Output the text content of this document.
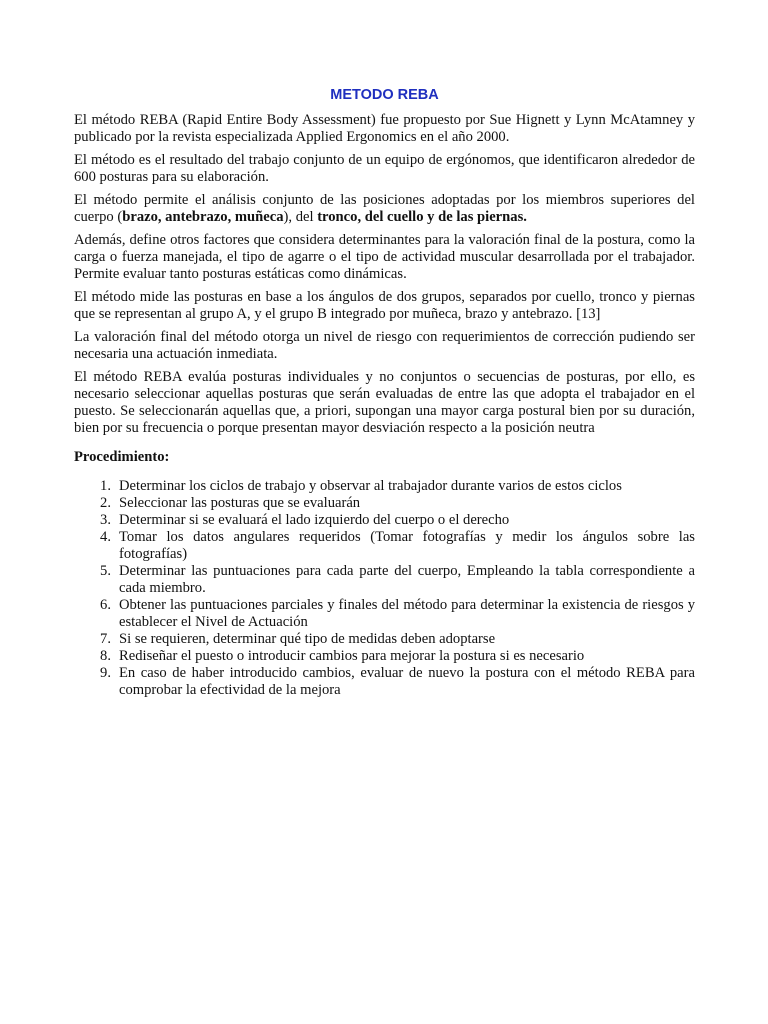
METODO REBA

El método REBA (Rapid Entire Body Assessment) fue propuesto por Sue Hignett y Lynn McAtamney y publicado por la revista especializada Applied Ergonomics en el año 2000.

El método es el resultado del trabajo conjunto de un equipo de ergónomos, que identificaron alrededor de 600 posturas para su elaboración.

El método permite el análisis conjunto de las posiciones adoptadas por los miembros superiores del cuerpo (brazo, antebrazo, muñeca), del tronco, del cuello y de las piernas.

Además, define otros factores que considera determinantes para la valoración final de la postura, como la carga o fuerza manejada, el tipo de agarre o el tipo de actividad muscular desarrollada por el trabajador. Permite evaluar tanto posturas estáticas como dinámicas.

El método mide las posturas en base a los ángulos de dos grupos, separados por cuello, tronco y piernas que se representan al grupo A, y el grupo B integrado por muñeca, brazo y antebrazo. [13]

La valoración final del método otorga un nivel de riesgo con requerimientos de corrección pudiendo ser necesaria una actuación inmediata.

El método REBA evalúa posturas individuales y no conjuntos o secuencias de posturas, por ello, es necesario seleccionar aquellas posturas que serán evaluadas de entre las que adopta el trabajador en el puesto. Se seleccionarán aquellas que, a priori, supongan una mayor carga postural bien por su duración, bien por su frecuencia o porque presentan mayor desviación respecto a la posición neutra

Procedimiento:
1. Determinar los ciclos de trabajo y observar al trabajador durante varios de estos ciclos
2. Seleccionar las posturas que se evaluarán
3. Determinar si se evaluará el lado izquierdo del cuerpo o el derecho
4. Tomar los datos angulares requeridos (Tomar fotografías y medir los ángulos sobre las fotografías)
5. Determinar las puntuaciones para cada parte del cuerpo, Empleando la tabla correspondiente a cada miembro.
6. Obtener las puntuaciones parciales y finales del método para determinar la existencia de riesgos y establecer el Nivel de Actuación
7. Si se requieren, determinar qué tipo de medidas deben adoptarse
8. Rediseñar el puesto o introducir cambios para mejorar la postura si es necesario
9. En caso de haber introducido cambios, evaluar de nuevo la postura con el método REBA para comprobar la efectividad de la mejora
